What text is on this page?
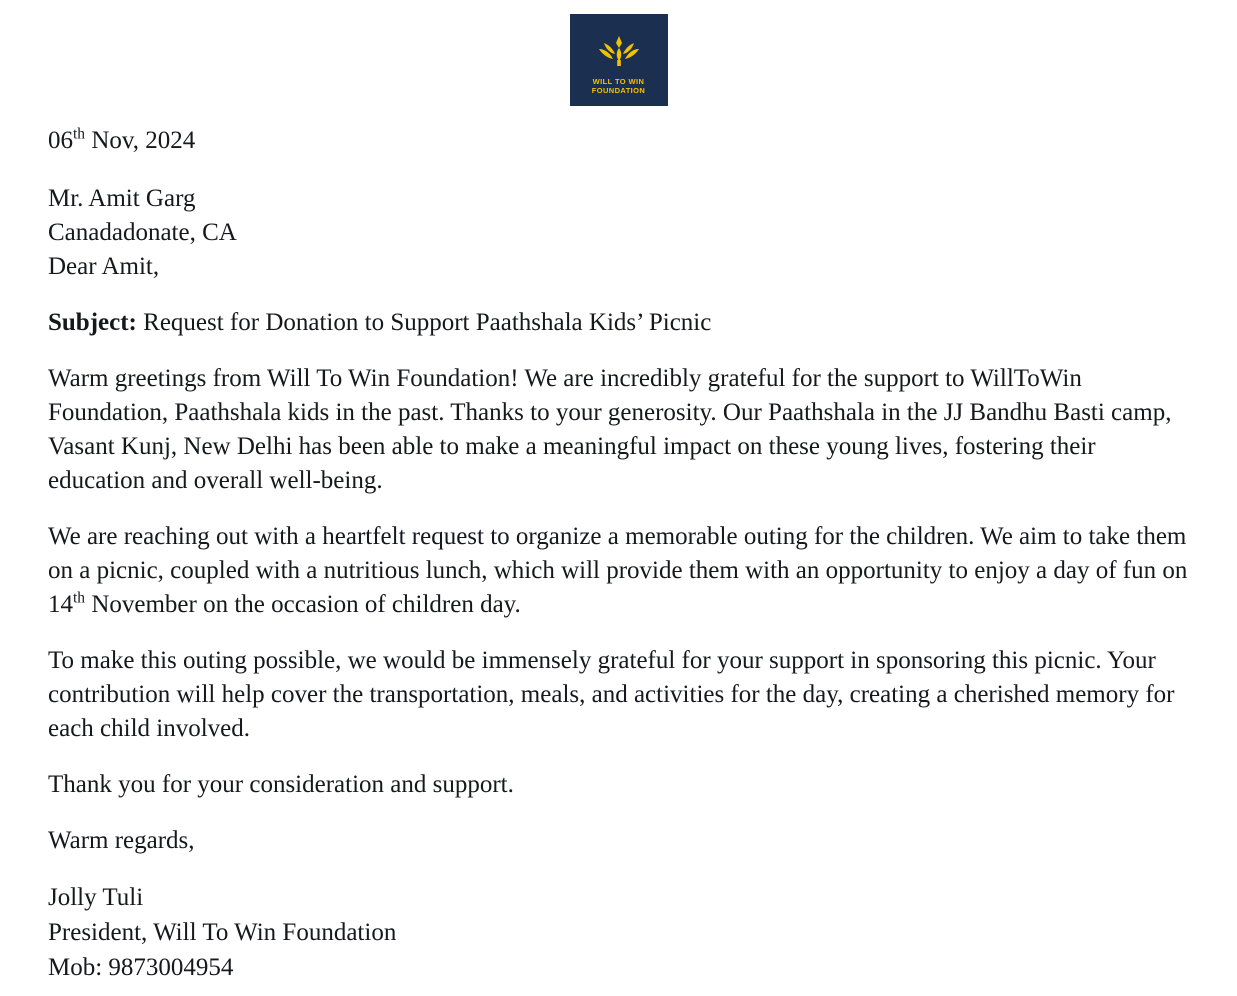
WILL TO WIN
FOUNDATION
06th Nov, 2024
Mr. Amit Garg
Canadadonate, CA
Dear Amit,
Subject: Request for Donation to Support Paathshala Kids’ Picnic

Warm greetings from Will To Win Foundation! We are incredibly grateful for the support to WillToWin Foundation, Paathshala kids in the past. Thanks to your generosity. Our Paathshala in the JJ Bandhu Basti camp, Vasant Kunj, New Delhi has been able to make a meaningful impact on these young lives, fostering their education and overall well-being.

We are reaching out with a heartfelt request to organize a memorable outing for the children. We aim to take them on a picnic, coupled with a nutritious lunch, which will provide them with an opportunity to enjoy a day of fun on 14th November on the occasion of children day.

To make this outing possible, we would be immensely grateful for your support in sponsoring this picnic. Your contribution will help cover the transportation, meals, and activities for the day, creating a cherished memory for each child involved.

Thank you for your consideration and support.

Warm regards,

Jolly Tuli
President, Will To Win Foundation
Mob: 9873004954
